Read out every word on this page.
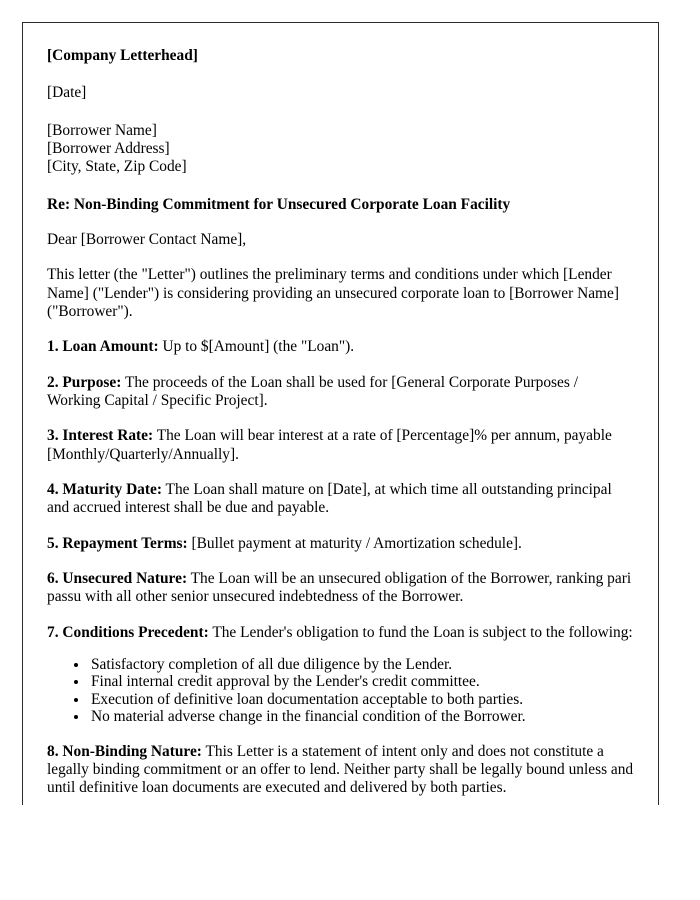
[Company Letterhead]

[Date]

[Borrower Name]
[Borrower Address]
[City, State, Zip Code]

Re: Non-Binding Commitment for Unsecured Corporate Loan Facility

Dear [Borrower Contact Name],

This letter (the "Letter") outlines the preliminary terms and conditions under which [Lender Name] ("Lender") is considering providing an unsecured corporate loan to [Borrower Name] ("Borrower").

1. Loan Amount: Up to $[Amount] (the "Loan").

2. Purpose: The proceeds of the Loan shall be used for [General Corporate Purposes / Working Capital / Specific Project].

3. Interest Rate: The Loan will bear interest at a rate of [Percentage]% per annum, payable [Monthly/Quarterly/Annually].

4. Maturity Date: The Loan shall mature on [Date], at which time all outstanding principal and accrued interest shall be due and payable.

5. Repayment Terms: [Bullet payment at maturity / Amortization schedule].

6. Unsecured Nature: The Loan will be an unsecured obligation of the Borrower, ranking pari passu with all other senior unsecured indebtedness of the Borrower.

7. Conditions Precedent: The Lender's obligation to fund the Loan is subject to the following:

• Satisfactory completion of all due diligence by the Lender.
• Final internal credit approval by the Lender's credit committee.
• Execution of definitive loan documentation acceptable to both parties.
• No material adverse change in the financial condition of the Borrower.

8. Non-Binding Nature: This Letter is a statement of intent only and does not constitute a legally binding commitment or an offer to lend. Neither party shall be legally bound unless and until definitive loan documents are executed and delivered by both parties.
